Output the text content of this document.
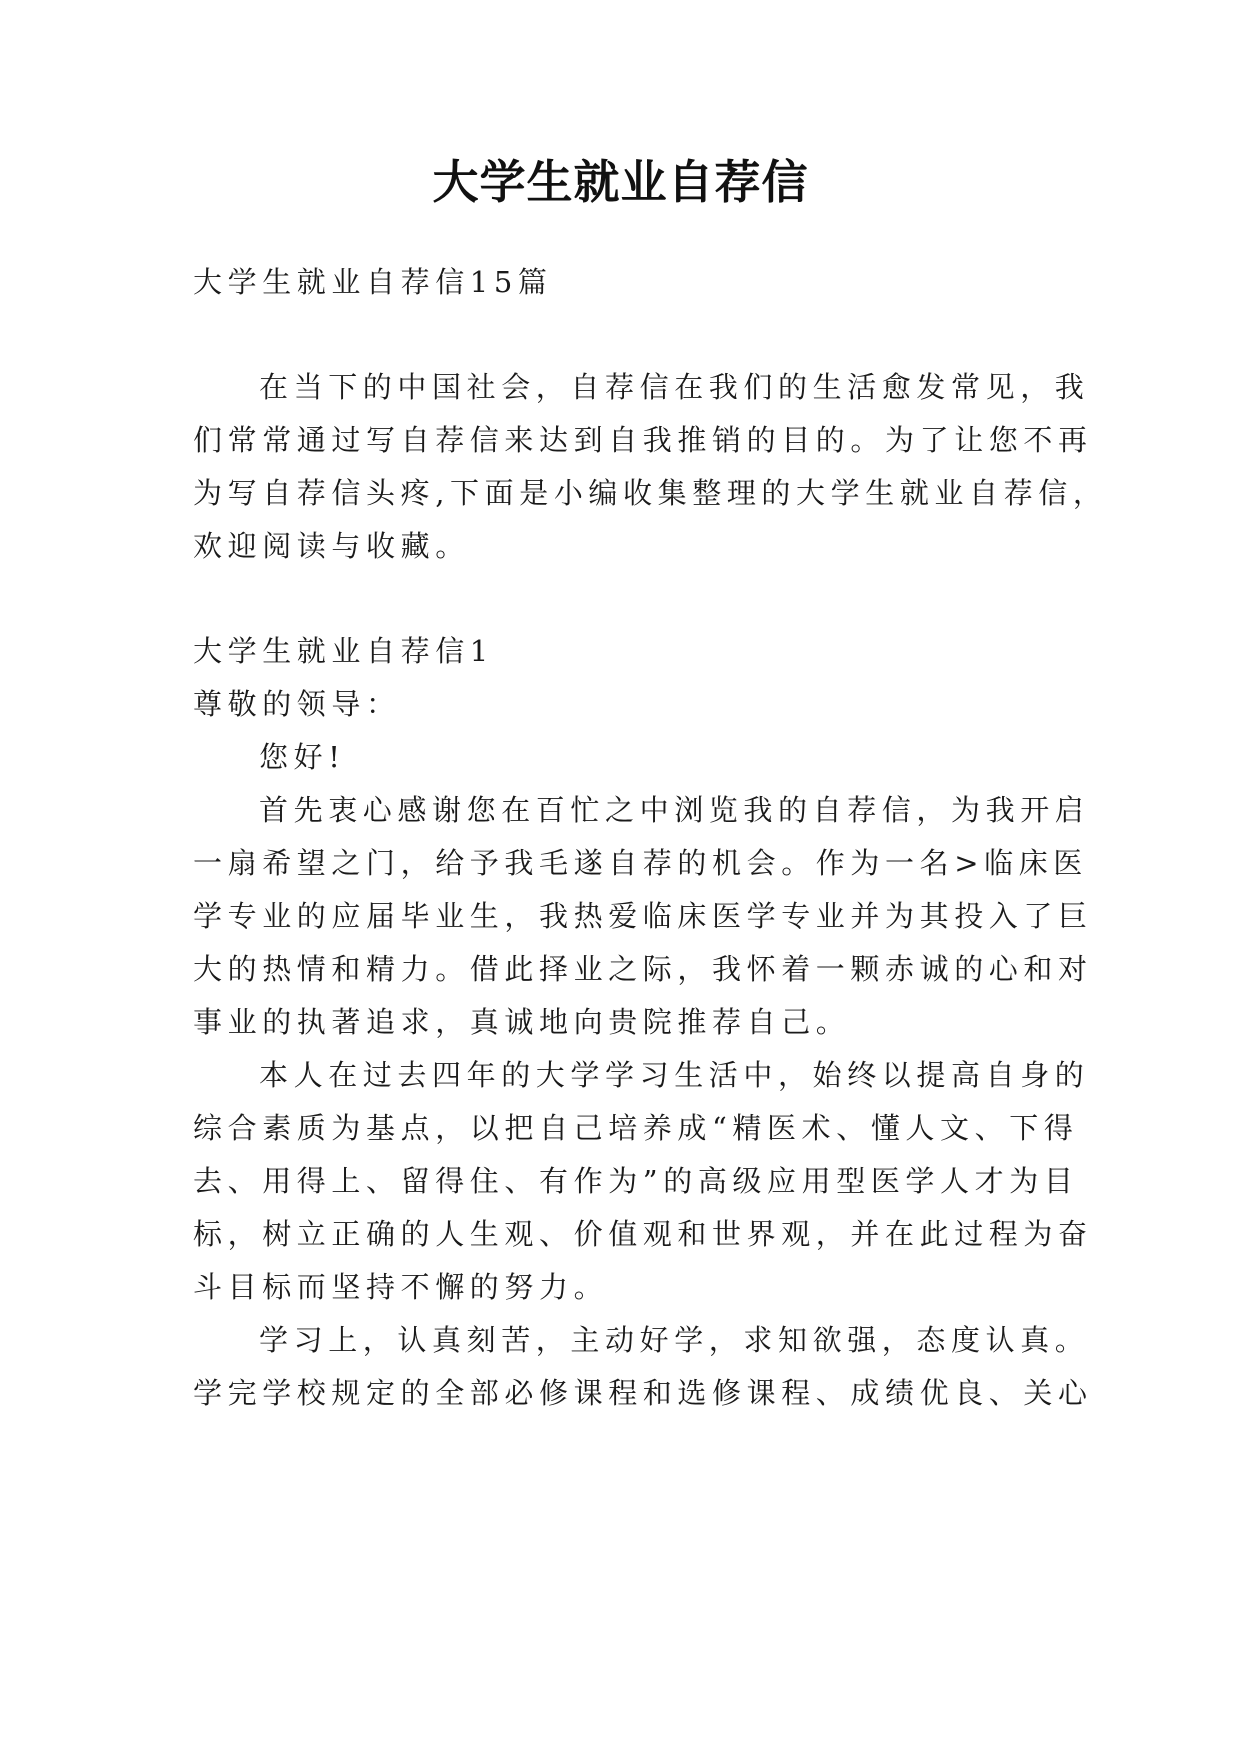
大学生就业自荐信
大学生就业自荐信15篇
在当下的中国社会，自荐信在我们的生活愈发常见，我
们常常通过写自荐信来达到自我推销的目的。为了让您不再
为写自荐信头疼,下面是小编收集整理的大学生就业自荐信，
欢迎阅读与收藏。
大学生就业自荐信1
尊敬的领导：
您好!
首先衷心感谢您在百忙之中浏览我的自荐信，为我开启
一扇希望之门，给予我毛遂自荐的机会。作为一名>临床医
学专业的应届毕业生，我热爱临床医学专业并为其投入了巨
大的热情和精力。借此择业之际，我怀着一颗赤诚的心和对
事业的执著追求，真诚地向贵院推荐自己。
本人在过去四年的大学学习生活中，始终以提高自身的
综合素质为基点，以把自己培养成“精医术、懂人文、下得
去、用得上、留得住、有作为”的高级应用型医学人才为目
标，树立正确的人生观、价值观和世界观，并在此过程为奋
斗目标而坚持不懈的努力。
学习上，认真刻苦，主动好学，求知欲强，态度认真。
学完学校规定的全部必修课程和选修课程、成绩优良、关心
